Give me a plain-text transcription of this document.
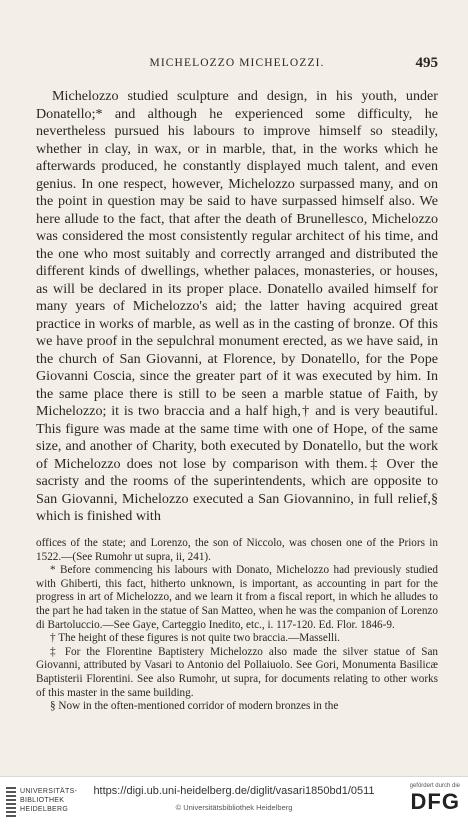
MICHELOZZO MICHELOZZI.	495

Michelozzo studied sculpture and design, in his youth, under Donatello;* and although he experienced some difficulty, he nevertheless pursued his labours to improve himself so steadily, whether in clay, in wax, or in marble, that, in the works which he afterwards produced, he constantly displayed much talent, and even genius. In one respect, however, Michelozzo surpassed many, and on the point in question may be said to have surpassed himself also. We here allude to the fact, that after the death of Brunellesco, Michelozzo was considered the most consistently regular architect of his time, and the one who most suitably and correctly arranged and distributed the different kinds of dwellings, whether palaces, monasteries, or houses, as will be declared in its proper place. Donatello availed himself for many years of Michelozzo's aid; the latter having acquired great practice in works of marble, as well as in the casting of bronze. Of this we have proof in the sepulchral monument erected, as we have said, in the church of San Giovanni, at Florence, by Donatello, for the Pope Giovanni Coscia, since the greater part of it was executed by him. In the same place there is still to be seen a marble statue of Faith, by Michelozzo; it is two braccia and a half high,† and is very beautiful. This figure was made at the same time with one of Hope, of the same size, and another of Charity, both executed by Donatello, but the work of Michelozzo does not lose by comparison with them.‡ Over the sacristy and the rooms of the superintendents, which are opposite to San Giovanni, Michelozzo executed a San Giovannino, in full relief,§ which is finished with

offices of the state; and Lorenzo, the son of Niccolo, was chosen one of the Priors in 1522.—(See Rumohr ut supra, ii, 241).

* Before commencing his labours with Donato, Michelozzo had previously studied with Ghiberti, this fact, hitherto unknown, is important, as accounting in part for the progress in art of Michelozzo, and we learn it from a fiscal report, in which he alludes to the part he had taken in the statue of San Matteo, when he was the companion of Lorenzo di Bartoluccio.—See Gaye, Carteggio Inedito, etc., i. 117-120. Ed. Flor. 1846-9.

† The height of these figures is not quite two braccia.—Masselli.

‡ For the Florentine Baptistery Michelozzo also made the silver statue of San Giovanni, attributed by Vasari to Antonio del Pollaiuolo. See Gori, Monumenta Basilicæ Baptisterii Florentini. See also Rumohr, ut supra, for documents relating to other works of this master in the same building.

§ Now in the often-mentioned corridor of modern bronzes in the

UNIVERSITÄTS-
BIBLIOTHEK
HEIDELBERG
https://digi.ub.uni-heidelberg.de/diglit/vasari1850bd1/0511
© Universitätsbibliothek Heidelberg
gefördert durch die
DFG
